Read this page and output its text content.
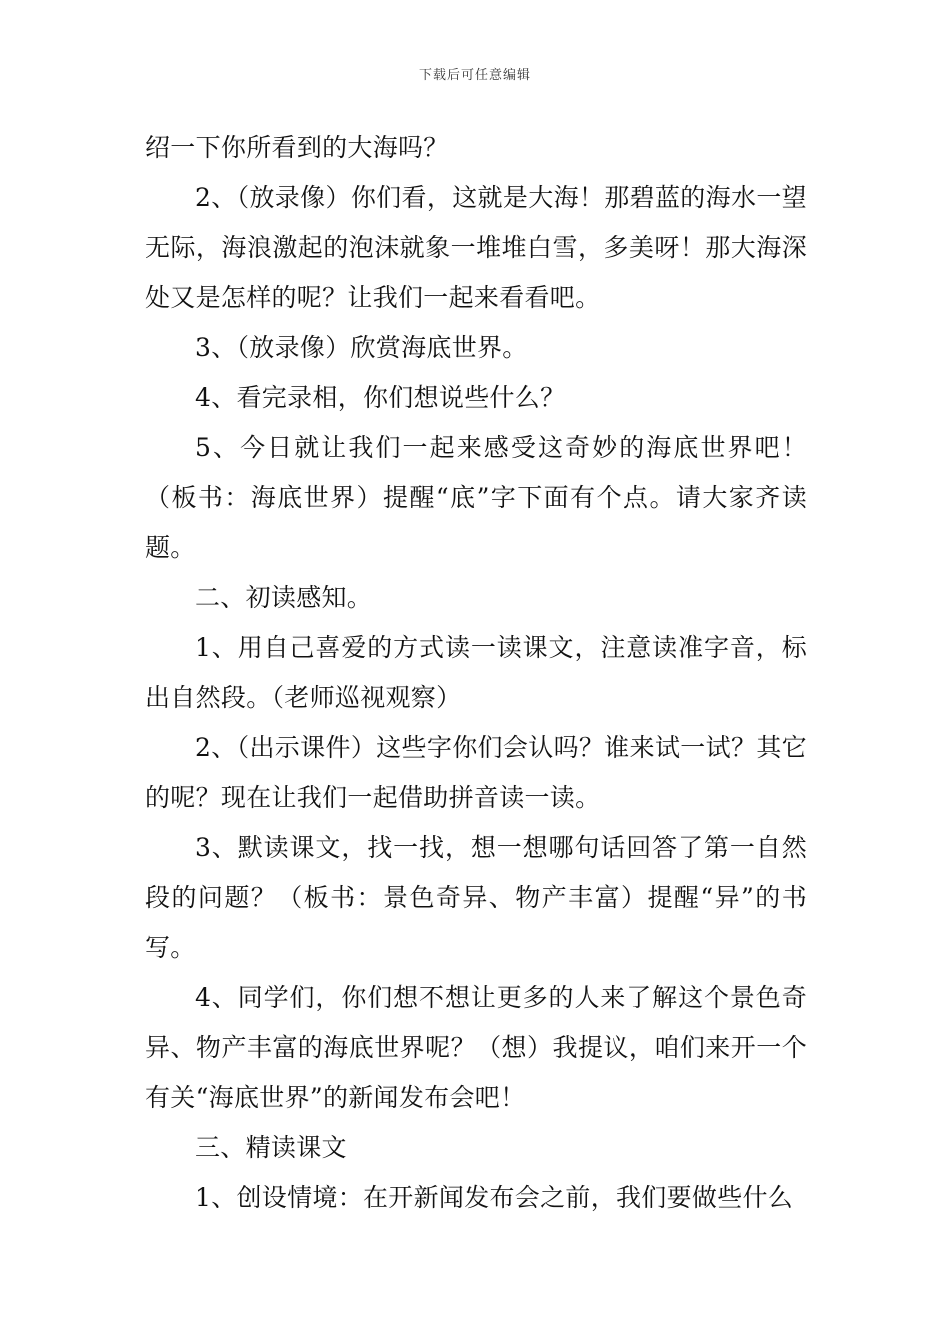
下载后可任意编辑

绍一下你所看到的大海吗？

2、（放录像）你们看，这就是大海！那碧蓝的海水一望无际，海浪激起的泡沫就象一堆堆白雪，多美呀！那大海深处又是怎样的呢？让我们一起来看看吧。

3、（放录像）欣赏海底世界。

4、看完录相，你们想说些什么？

5、今日就让我们一起来感受这奇妙的海底世界吧！（板书：海底世界）提醒“底”字下面有个点。请大家齐读题。

二、初读感知。

1、用自己喜爱的方式读一读课文，注意读准字音，标出自然段。（老师巡视观察）

2、（出示课件）这些字你们会认吗？谁来试一试？其它的呢？现在让我们一起借助拼音读一读。

3、默读课文，找一找，想一想哪句话回答了第一自然段的问题？（板书：景色奇异、物产丰富）提醒“异”的书写。

4、同学们，你们想不想让更多的人来了解这个景色奇异、物产丰富的海底世界呢？（想）我提议，咱们来开一个有关“海底世界”的新闻发布会吧！

三、精读课文

1、创设情境：在开新闻发布会之前，我们要做些什么
